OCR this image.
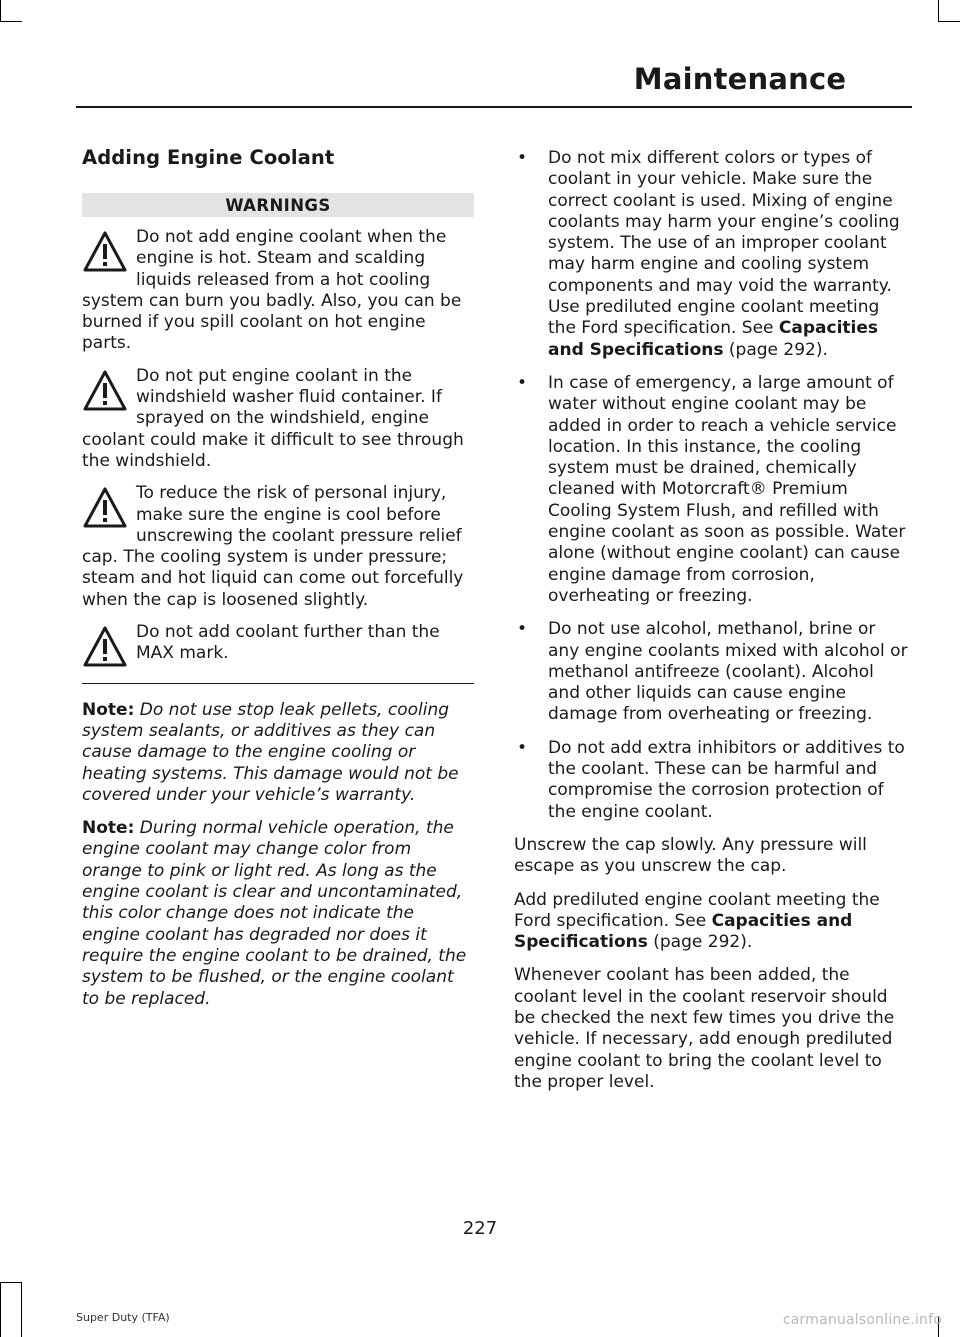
Maintenance
Adding Engine Coolant
WARNINGS
Do not add engine coolant when the engine is hot. Steam and scalding liquids released from a hot cooling system can burn you badly. Also, you can be burned if you spill coolant on hot engine parts.
Do not put engine coolant in the windshield washer fluid container. If sprayed on the windshield, engine coolant could make it difficult to see through the windshield.
To reduce the risk of personal injury, make sure the engine is cool before unscrewing the coolant pressure relief cap. The cooling system is under pressure; steam and hot liquid can come out forcefully when the cap is loosened slightly.
Do not add coolant further than the MAX mark.

Note: Do not use stop leak pellets, cooling system sealants, or additives as they can cause damage to the engine cooling or heating systems. This damage would not be covered under your vehicle’s warranty.

Note: During normal vehicle operation, the engine coolant may change color from orange to pink or light red. As long as the engine coolant is clear and uncontaminated, this color change does not indicate the engine coolant has degraded nor does it require the engine coolant to be drained, the system to be flushed, or the engine coolant to be replaced.

• Do not mix different colors or types of coolant in your vehicle. Make sure the correct coolant is used. Mixing of engine coolants may harm your engine’s cooling system. The use of an improper coolant may harm engine and cooling system components and may void the warranty. Use prediluted engine coolant meeting the Ford specification. See Capacities and Specifications (page 292).
• In case of emergency, a large amount of water without engine coolant may be added in order to reach a vehicle service location. In this instance, the cooling system must be drained, chemically cleaned with Motorcraft® Premium Cooling System Flush, and refilled with engine coolant as soon as possible. Water alone (without engine coolant) can cause engine damage from corrosion, overheating or freezing.
• Do not use alcohol, methanol, brine or any engine coolants mixed with alcohol or methanol antifreeze (coolant). Alcohol and other liquids can cause engine damage from overheating or freezing.
• Do not add extra inhibitors or additives to the coolant. These can be harmful and compromise the corrosion protection of the engine coolant.

Unscrew the cap slowly. Any pressure will escape as you unscrew the cap.

Add prediluted engine coolant meeting the Ford specification. See Capacities and Specifications (page 292).

Whenever coolant has been added, the coolant level in the coolant reservoir should be checked the next few times you drive the vehicle. If necessary, add enough prediluted engine coolant to bring the coolant level to the proper level.

227
Super Duty (TFA)	carmanualsonline.info
